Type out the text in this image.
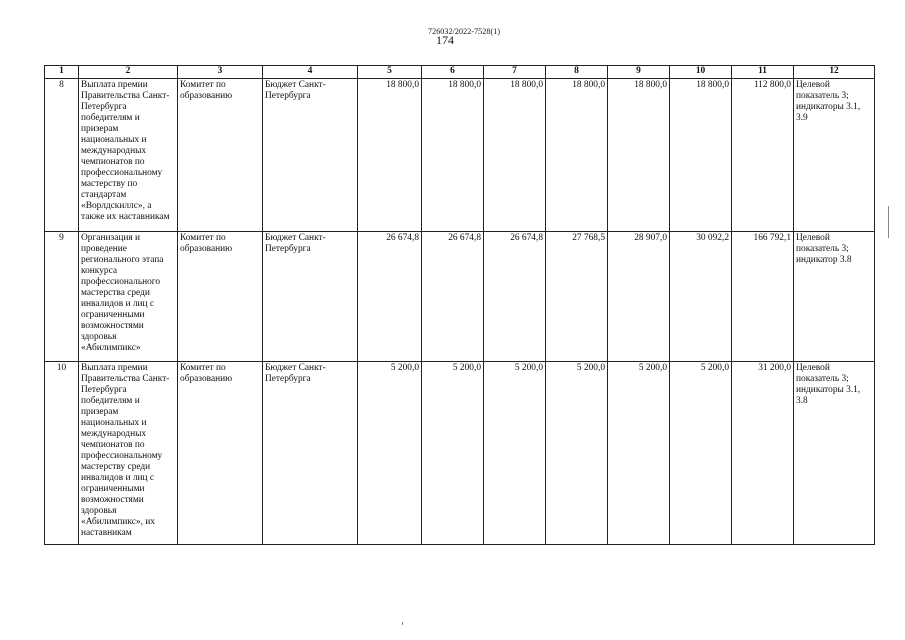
726032/2022-7528(1)
174
1	2	3	4	5	6	7	8	9	10	11	12
8	Выплата премии Правительства Санкт-Петербурга победителям и призерам национальных и международных чемпионатов по профессиональному мастерству по стандартам «Ворлдскиллс», а также их наставникам	Комитет по образованию	Бюджет Санкт-Петербурга	18 800,0	18 800,0	18 800,0	18 800,0	18 800,0	18 800,0	112 800,0	Целевой показатель 3; индикаторы 3.1, 3.9
9	Организация и проведение регионального этапа конкурса профессионального мастерства среди инвалидов и лиц с ограниченными возможностями здоровья «Абилимпикс»	Комитет по образованию	Бюджет Санкт-Петербурга	26 674,8	26 674,8	26 674,8	27 768,5	28 907,0	30 092,2	166 792,1	Целевой показатель 3; индикатор 3.8
10	Выплата премии Правительства Санкт-Петербурга победителям и призерам национальных и международных чемпионатов по профессиональному мастерству среди инвалидов и лиц с ограниченными возможностями здоровья «Абилимпикс», их наставникам	Комитет по образованию	Бюджет Санкт-Петербурга	5 200,0	5 200,0	5 200,0	5 200,0	5 200,0	5 200,0	31 200,0	Целевой показатель 3; индикаторы 3.1, 3.8
